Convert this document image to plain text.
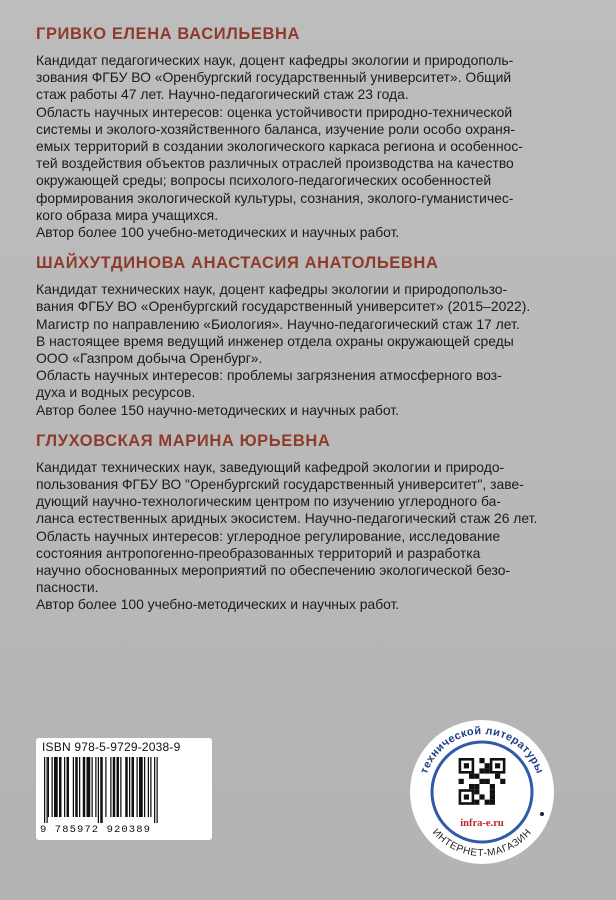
ГРИВКО ЕЛЕНА ВАСИЛЬЕВНА

Кандидат педагогических наук, доцент кафедры экологии и природополь-

зования ФГБУ ВО «Оренбургский государственный университет». Общий

стаж работы 47 лет. Научно-педагогический стаж 23 года.

Область научных интересов: оценка устойчивости природно-технической

системы и эколого-хозяйственного баланса, изучение роли особо охраня-

емых территорий в создании экологического каркаса региона и особеннос-

тей воздействия объектов различных отраслей производства на качество

окружающей среды; вопросы психолого-педагогических особенностей

формирования экологической культуры, сознания, эколого-гуманистичес-

кого образа мира учащихся.

Автор более 100 учебно-методических и научных работ.

ШАЙХУТДИНОВА АНАСТАСИЯ АНАТОЛЬЕВНА

Кандидат технических наук, доцент кафедры экологии и природопользо-

вания ФГБУ ВО «Оренбургский государственный университет» (2015–2022).

Магистр по направлению «Биология». Научно-педагогический стаж 17 лет.

В настоящее время ведущий инженер отдела охраны окружающей среды

ООО «Газпром добыча Оренбург».

Область научных интересов: проблемы загрязнения атмосферного воз-

духа и водных ресурсов.

Автор более 150 научно-методических и научных работ.

ГЛУХОВСКАЯ МАРИНА ЮРЬЕВНА

Кандидат технических наук, заведующий кафедрой экологии и природо-

пользования ФГБУ ВО "Оренбургский государственный университет", заве-

дующий научно-технологическим центром по изучению углеродного ба-

ланса естественных аридных экосистем. Научно-педагогический стаж 26 лет.

Область научных интересов: углеродное регулирование, исследование

состояния антропогенно-преобразованных территорий и разработка

научно обоснованных мероприятий по обеспечению экологической безо-

пасности.

Автор более 100 учебно-методических и научных работ.

ISBN 978-5-9729-2038-9
9 785972 920389
технической литературы
ИНТЕРНЕТ-МАГАЗИН
infra-e.ru
